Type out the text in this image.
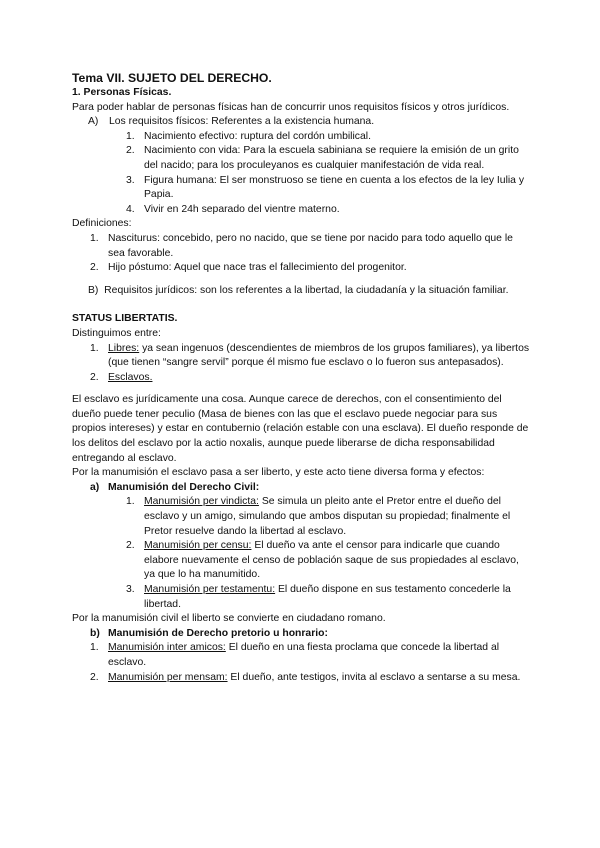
Tema VII. SUJETO DEL DERECHO.
1. Personas Físicas.
Para poder hablar de personas físicas han de concurrir unos requisitos físicos y otros jurídicos.
A) Los requisitos físicos: Referentes a la existencia humana.
1. Nacimiento efectivo: ruptura del cordón umbilical.
2. Nacimiento con vida: Para la escuela sabiniana se requiere la emisión de un grito del nacido; para los proculeyanos es cualquier manifestación de vida real.
3. Figura humana: El ser monstruoso se tiene en cuenta a los efectos de la ley Iulia y Papia.
4. Vivir en 24h separado del vientre materno.
Definiciones:
1. Nasciturus: concebido, pero no nacido, que se tiene por nacido para todo aquello que le sea favorable.
2. Hijo póstumo: Aquel que nace tras el fallecimiento del progenitor.
B) Requisitos jurídicos: son los referentes a la libertad, la ciudadanía y la situación familiar.
STATUS LIBERTATIS.
Distinguimos entre:
1. Libres: ya sean ingenuos (descendientes de miembros de los grupos familiares), ya libertos (que tienen “sangre servil” porque él mismo fue esclavo o lo fueron sus antepasados).
2. Esclavos.
El esclavo es jurídicamente una cosa. Aunque carece de derechos, con el consentimiento del dueño puede tener peculio (Masa de bienes con las que el esclavo puede negociar para sus propios intereses) y estar en contubernio (relación estable con una esclava). El dueño responde de los delitos del esclavo por la actio noxalis, aunque puede liberarse de dicha responsabilidad entregando al esclavo.
Por la manumisión el esclavo pasa a ser liberto, y este acto tiene diversa forma y efectos:
a) Manumisión del Derecho Civil:
1. Manumisión per vindicta: Se simula un pleito ante el Pretor entre el dueño del esclavo y un amigo, simulando que ambos disputan su propiedad; finalmente el Pretor resuelve dando la libertad al esclavo.
2. Manumisión per censu: El dueño va ante el censor para indicarle que cuando elabore nuevamente el censo de población saque de sus propiedades al esclavo, ya que lo ha manumitido.
3. Manumisión per testamentu: El dueño dispone en sus testamento concederle la libertad.
Por la manumisión civil el liberto se convierte en ciudadano romano.
b) Manumisión de Derecho pretorio u honrario:
1. Manumisión inter amicos: El dueño en una fiesta proclama que concede la libertad al esclavo.
2. Manumisión per mensam: El dueño, ante testigos, invita al esclavo a sentarse a su mesa.
